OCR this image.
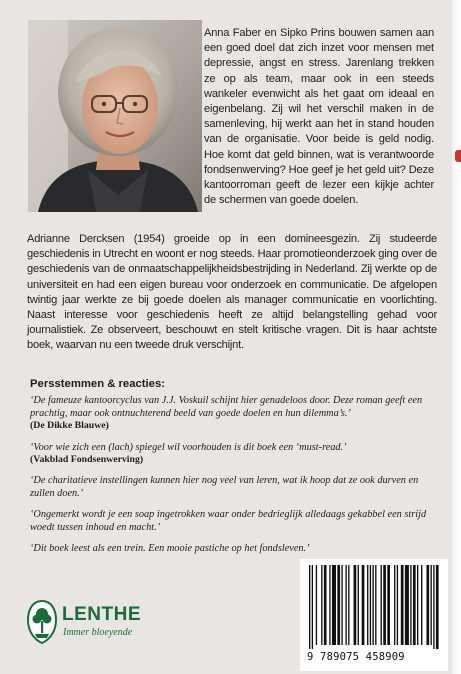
Anna Faber en Sipko Prins bouwen samen aan een goed doel dat zich inzet voor mensen met depressie, angst en stress. Jarenlang trekken ze op als team, maar ook in een steeds wankeler evenwicht als het gaat om ideaal en eigenbelang. Zij wil het verschil maken in de samenleving, hij werkt aan het in stand houden van de organisatie. Voor beide is geld nodig. Hoe komt dat geld binnen, wat is verantwoorde fondsenwerving? Hoe geef je het geld uit? Deze kantoorroman geeft de lezer een kijkje achter de schermen van goede doelen.

Adrianne Dercksen (1954) groeide op in een domineesgezin. Zij studeerde geschiedenis in Utrecht en woont er nog steeds. Haar promotieonderzoek ging over de geschiedenis van de onmaatschappelijkheidsbestrijding in Nederland. Zij werkte op de universiteit en had een eigen bureau voor onderzoek en communicatie. De afgelopen twintig jaar werkte ze bij goede doelen als manager communicatie en voorlichting. Naast interesse voor geschiedenis heeft ze altijd belangstelling gehad voor journalistiek. Ze observeert, beschouwt en stelt kritische vragen. Dit is haar achtste boek, waarvan nu een tweede druk verschijnt.

Persstemmen & reacties:
‘De fameuze kantoorcyclus van J.J. Voskuil schijnt hier genadeloos door. Deze roman geeft een prachtig, maar ook ontnuchterend beeld van goede doelen en hun dilemma’s.’
(De Dikke Blauwe)
‘Voor wie zich een (lach) spiegel wil voorhouden is dit boek een ‘must-read.’
(Vakblad Fondsenwerving)
‘De charitatieve instellingen kunnen hier nog veel van leren, wat ik hoop dat ze ook durven en zullen doen.’
‘Ongemerkt wordt je een soap ingetrokken waar onder bedrieglijk alledaags gekabbel een strijd woedt tussen inhoud en macht.’
‘Dit boek leest als een trein. Een mooie pastiche op het fondsleven.’
LENTHE
Immer bloeyende
9 789075 458909
